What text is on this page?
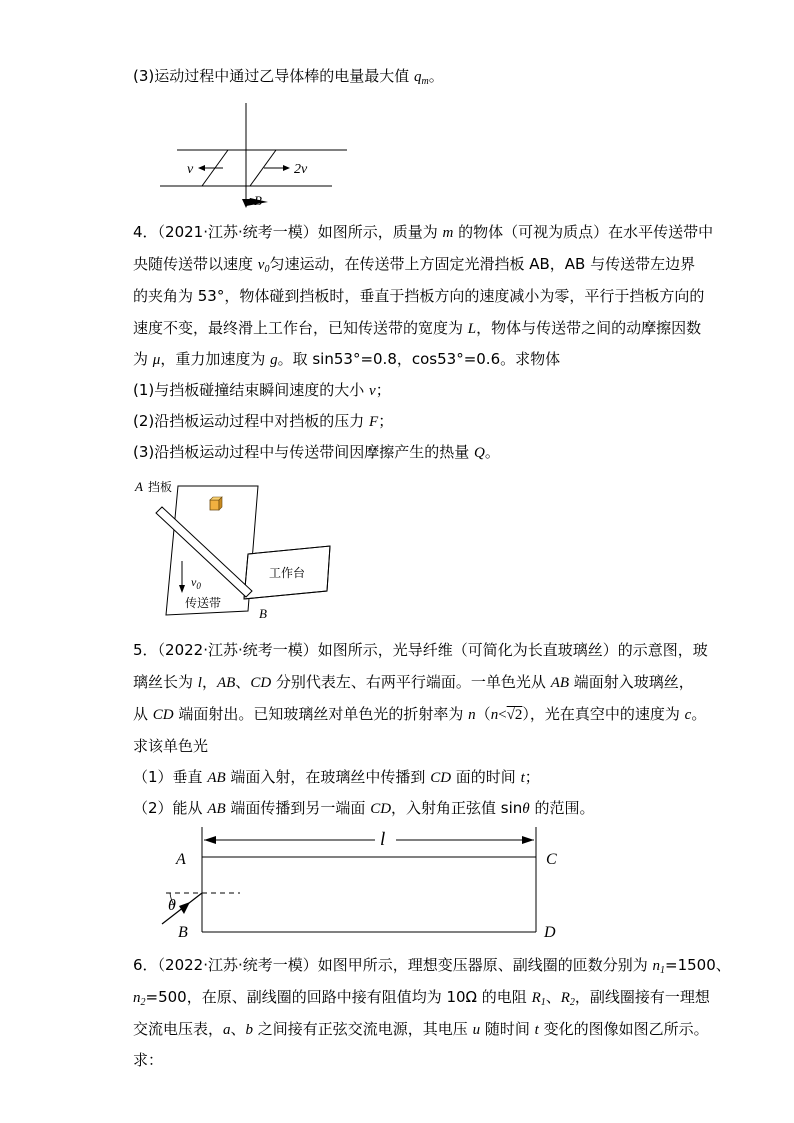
(3)运动过程中通过乙导体棒的电量最大值 $q_m$。
v	2v
B
4．（2021·江苏·统考一模）如图所示，质量为 m 的物体（可视为质点）在水平传送带中
央随传送带以速度 $v_0$匀速运动，在传送带上方固定光滑挡板 AB，AB 与传送带左边界
的夹角为 53°，物体碰到挡板时，垂直于挡板方向的速度减小为零，平行于挡板方向的
速度不变，最终滑上工作台，已知传送带的宽度为 L，物体与传送带之间的动摩擦因数
为 μ，重力加速度为 g。取 sin53°=0.8，cos53°=0.6。求物体
(1)与挡板碰撞结束瞬间速度的大小 v；
(2)沿挡板运动过程中对挡板的压力 F；
(3)沿挡板运动过程中与传送带间因摩擦产生的热量 Q。
A 挡板
$v_0$
传送带
B
工作台
5．（2022·江苏·统考一模）如图所示，光导纤维（可简化为长直玻璃丝）的示意图，玻
璃丝长为 l，AB、CD 分别代表左、右两平行端面。一单色光从 AB 端面射入玻璃丝，
从 CD 端面射出。已知玻璃丝对单色光的折射率为 n（n<√2），光在真空中的速度为 c。
求该单色光
（1）垂直 AB 端面入射，在玻璃丝中传播到 CD 面的时间 t；
（2）能从 AB 端面传播到另一端面 CD，入射角正弦值 sinθ 的范围。
l
A
B
C
D
θ
6．（2022·江苏·统考一模）如图甲所示，理想变压器原、副线圈的匝数分别为 $n_1=1500$、
$n_2=500$，在原、副线圈的回路中接有阻值均为 10Ω 的电阻 $R_1$、$R_2$，副线圈接有一理想
交流电压表，a、b 之间接有正弦交流电源，其电压 u 随时间 t 变化的图像如图乙所示。
求：
